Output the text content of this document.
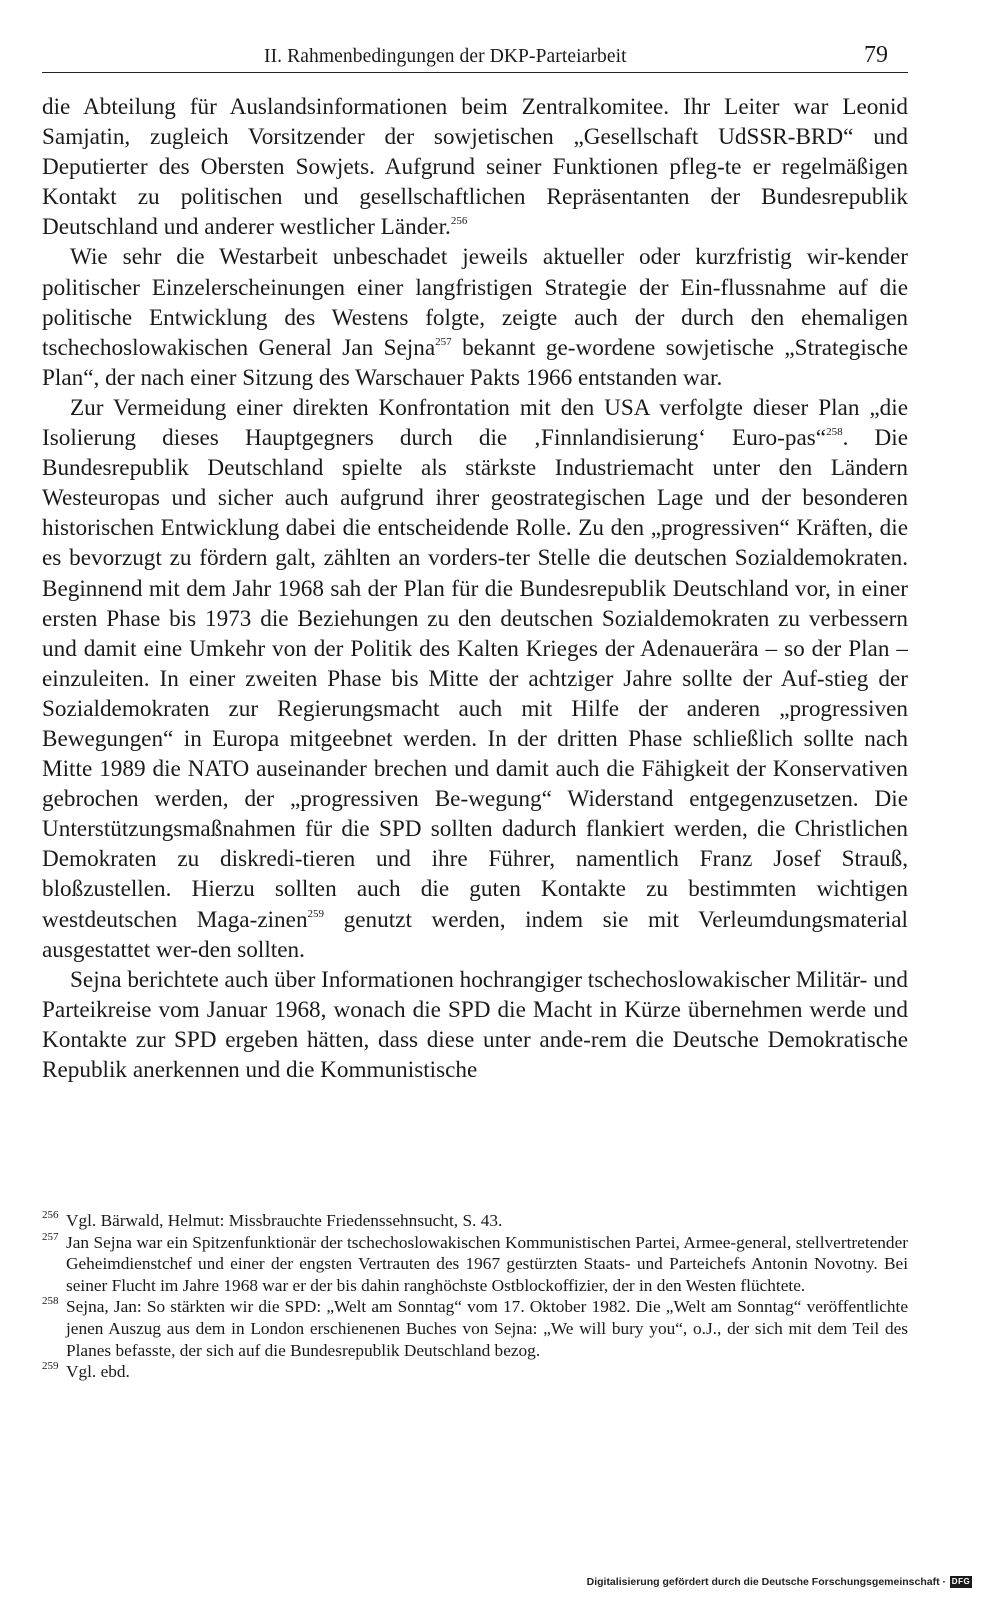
II. Rahmenbedingungen der DKP-Parteiarbeit	79

die Abteilung für Auslandsinformationen beim Zentralkomitee. Ihr Leiter war Leonid Samjatin, zugleich Vorsitzender der sowjetischen „Gesellschaft UdSSR-BRD“ und Deputierter des Obersten Sowjets. Aufgrund seiner Funktionen pfleg-te er regelmäßigen Kontakt zu politischen und gesellschaftlichen Repräsentanten der Bundesrepublik Deutschland und anderer westlicher Länder.$^{256}$

Wie sehr die Westarbeit unbeschadet jeweils aktueller oder kurzfristig wir-kender politischer Einzelerscheinungen einer langfristigen Strategie der Ein-flussnahme auf die politische Entwicklung des Westens folgte, zeigte auch der durch den ehemaligen tschechoslowakischen General Jan Sejna$^{257}$ bekannt ge-wordene sowjetische „Strategische Plan“, der nach einer Sitzung des Warschauer Pakts 1966 entstanden war.

Zur Vermeidung einer direkten Konfrontation mit den USA verfolgte dieser Plan „die Isolierung dieses Hauptgegners durch die ‚Finnlandisierung‘ Euro-pas“$^{258}$. Die Bundesrepublik Deutschland spielte als stärkste Industriemacht unter den Ländern Westeuropas und sicher auch aufgrund ihrer geostrategischen Lage und der besonderen historischen Entwicklung dabei die entscheidende Rolle. Zu den „progressiven“ Kräften, die es bevorzugt zu fördern galt, zählten an vorders-ter Stelle die deutschen Sozialdemokraten. Beginnend mit dem Jahr 1968 sah der Plan für die Bundesrepublik Deutschland vor, in einer ersten Phase bis 1973 die Beziehungen zu den deutschen Sozialdemokraten zu verbessern und damit eine Umkehr von der Politik des Kalten Krieges der Adenauerära – so der Plan – einzuleiten. In einer zweiten Phase bis Mitte der achtziger Jahre sollte der Auf-stieg der Sozialdemokraten zur Regierungsmacht auch mit Hilfe der anderen „progressiven Bewegungen“ in Europa mitgeebnet werden. In der dritten Phase schließlich sollte nach Mitte 1989 die NATO auseinander brechen und damit auch die Fähigkeit der Konservativen gebrochen werden, der „progressiven Be-wegung“ Widerstand entgegenzusetzen. Die Unterstützungsmaßnahmen für die SPD sollten dadurch flankiert werden, die Christlichen Demokraten zu diskredi-tieren und ihre Führer, namentlich Franz Josef Strauß, bloßzustellen. Hierzu sollten auch die guten Kontakte zu bestimmten wichtigen westdeutschen Maga-zinen$^{259}$ genutzt werden, indem sie mit Verleumdungsmaterial ausgestattet wer-den sollten.

Sejna berichtete auch über Informationen hochrangiger tschechoslowakischer Militär- und Parteikreise vom Januar 1968, wonach die SPD die Macht in Kürze übernehmen werde und Kontakte zur SPD ergeben hätten, dass diese unter ande-rem die Deutsche Demokratische Republik anerkennen und die Kommunistische

256 Vgl. Bärwald, Helmut: Missbrauchte Friedenssehnsucht, S. 43.
257 Jan Sejna war ein Spitzenfunktionär der tschechoslowakischen Kommunistischen Partei, Armee-general, stellvertretender Geheimdienstchef und einer der engsten Vertrauten des 1967 gestürzten Staats- und Parteichefs Antonin Novotny. Bei seiner Flucht im Jahre 1968 war er der bis dahin ranghöchste Ostblockoffizier, der in den Westen flüchtete.
258 Sejna, Jan: So stärkten wir die SPD: „Welt am Sonntag“ vom 17. Oktober 1982. Die „Welt am Sonntag“ veröffentlichte jenen Auszug aus dem in London erschienenen Buches von Sejna: „We will bury you“, o.J., der sich mit dem Teil des Planes befasste, der sich auf die Bundesrepublik Deutschland bezog.
259 Vgl. ebd.
Digitalisierung gefördert durch die Deutsche Forschungsgemeinschaft · DFG
